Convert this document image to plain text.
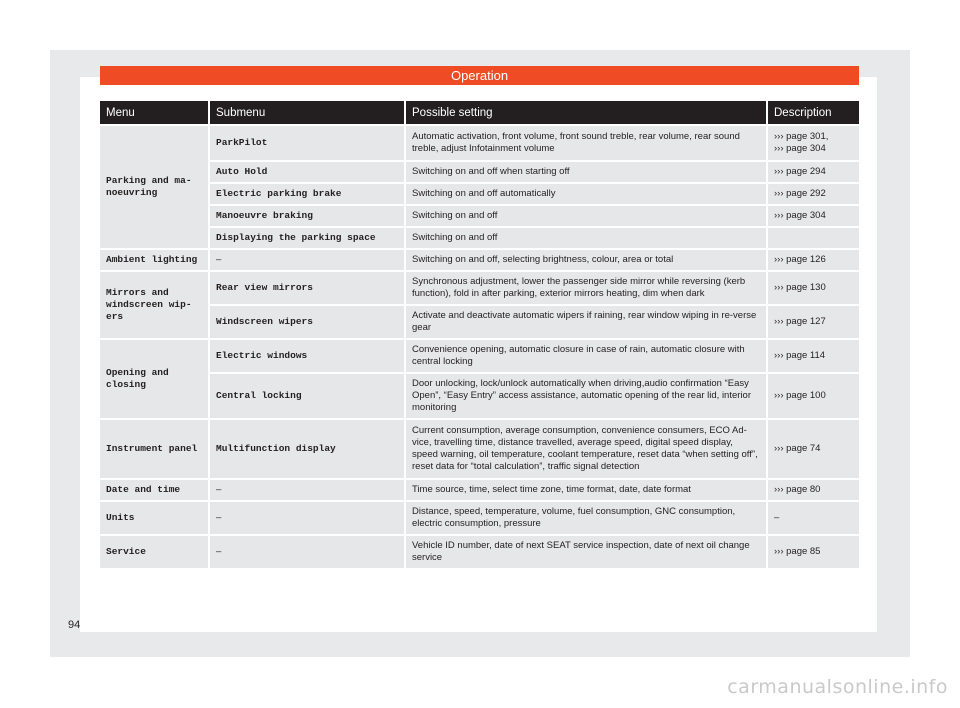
Operation
Menu	Submenu	Possible setting	Description
Parking and ma-
noeuvring	ParkPilot	Automatic activation, front volume, front sound treble, rear volume, rear sound treble, adjust Infotainment volume	››› page 301,
››› page 304
	Auto Hold	Switching on and off when starting off	››› page 294
	Electric parking brake	Switching on and off automatically	››› page 292
	Manoeuvre braking	Switching on and off	››› page 304
	Displaying the parking space	Switching on and off	
Ambient lighting	–	Switching on and off, selecting brightness, colour, area or total	››› page 126
Mirrors and
windscreen wip-
ers	Rear view mirrors	Synchronous adjustment, lower the passenger side mirror while reversing (kerb function), fold in after parking, exterior mirrors heating, dim when dark	››› page 130
	Windscreen wipers	Activate and deactivate automatic wipers if raining, rear window wiping in re-verse gear	››› page 127
Opening and
closing	Electric windows	Convenience opening, automatic closure in case of rain, automatic closure with central locking	››› page 114
	Central locking	Door unlocking, lock/unlock automatically when driving,audio confirmation “Easy Open”, “Easy Entry” access assistance, automatic opening of the rear lid, interior monitoring	››› page 100
Instrument panel	Multifunction display	Current consumption, average consumption, convenience consumers, ECO Ad-vice, travelling time, distance travelled, average speed, digital speed display, speed warning, oil temperature, coolant temperature, reset data “when setting off”, reset data for “total calculation”, traffic signal detection	››› page 74
Date and time	–	Time source, time, select time zone, time format, date, date format	››› page 80
Units	–	Distance, speed, temperature, volume, fuel consumption, GNC consumption, electric consumption, pressure	–
Service	–	Vehicle ID number, date of next SEAT service inspection, date of next oil change service	››› page 85
94
carmanualsonline.info
